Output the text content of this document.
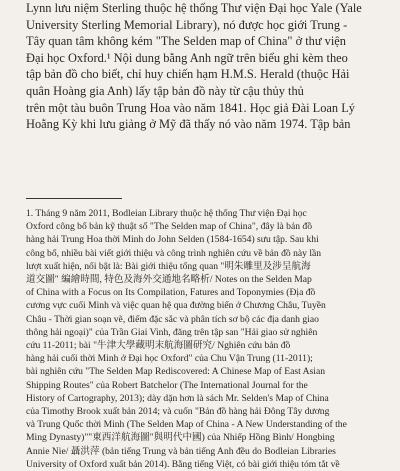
Lynn lưu niệm Sterling thuộc hệ thống Thư viện Đại học Yale (Yale
University Sterling Memorial Library), nó được học giới Trung -
Tây quan tâm không kém "The Selden map of China" ở thư viện
Đại học Oxford.¹ Nội dung bằng Anh ngữ trên biểu ghi kèm theo
tập bản đồ cho biết, chỉ huy chiến hạm H.M.S. Herald (thuộc Hải
quân Hoàng gia Anh) lấy tập bản đồ này từ cậu thủy thủ
trên một tàu buôn Trung Hoa vào năm 1841. Học giả Đài Loan Lý
Hoằng Kỳ khi lưu giảng ở Mỹ đã thấy nó vào năm 1974. Tập bản
1. Tháng 9 năm 2011, Bodleian Library thuộc hệ thống Thư viện Đại học
Oxford công bố bản kỹ thuật số "The Selden map of China", đây là bản đồ
hàng hải Trung Hoa thời Minh do John Selden (1584-1654) sưu tập. Sau khi
công bố, nhiều bài viết giới thiệu và công trình nghiên cứu về bản đồ này lần
lượt xuất hiện, nổi bật là: Bài giới thiệu tổng quan "明朱雕里及涉呈航海
道交圖" 編繪時間, 特色及海外交通地名略析/ Notes on the Selden Map
of China with a Focus on Its Compilation, Fatures and Toponymies (Địa đồ
cương vực cuối Minh và việc quan hệ qua đường biển ở Chương Châu, Tuyền
Châu - Thời gian soạn vẽ, điểm đặc sắc và phân tích sơ bộ các địa danh giao
thông hải ngoại)" của Trần Giai Vinh, đăng trên tập san "Hải giao sử nghiên
cứu 11-2011; bài "牛津大學藏明末航海圖研究/ Nghiên cứu bản đồ
hàng hải cuối thời Minh ở Đại học Oxford" của Chu Vận Trung (11-2011);
bài nghiên cứu "The Selden Map Rediscovered: A Chinese Map of East Asian
Shipping Routes" của Robert Batchelor (The International Journal for the
History of Cartography, 2013); dày dặn hơn là sách Mr. Selden's Map of China
của Timothy Brook xuất bản 2014; và cuốn "Bản đồ hàng hải Đông Tây dương
và Trung Quốc thời Minh (The Selden Map of China - A New Understanding of the
Ming Dynasty)""東西洋航海圖"與明代中國) của Nhiếp Hồng Bình/ Hongbing
Annie Nie/ 聶洪萍 (bản tiếng Trung và bản tiếng Anh đều do Bodleian Libraries
University of Oxford xuất bản 2014). Bằng tiếng Việt, có bài giới thiệu tóm tắt về
